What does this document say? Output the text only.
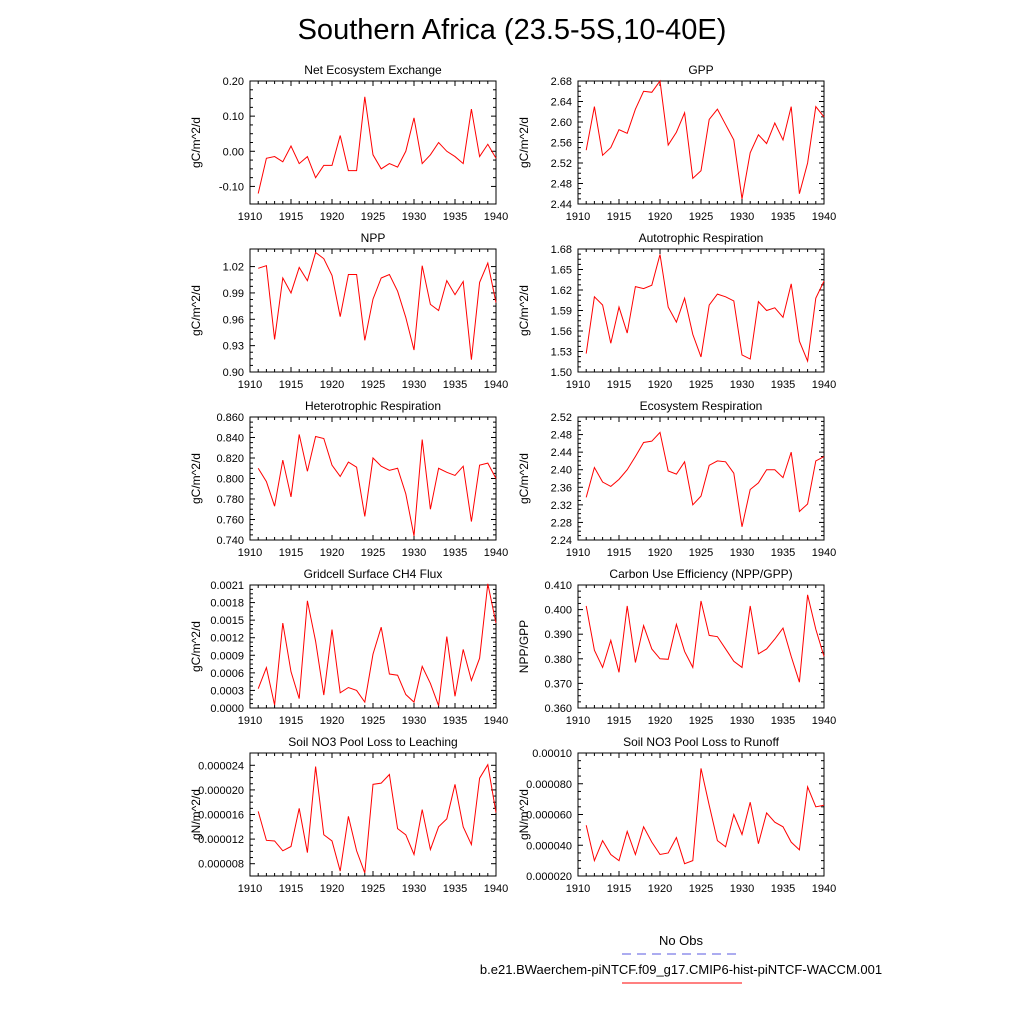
Southern Africa (23.5-5S,10-40E)
Net Ecosystem Exchange
gC/m^2/d
1910 1915 1920 1925 1930 1935 1940
-0.10
0.00
0.10
0.20
GPP
gC/m^2/d
1910 1915 1920 1925 1930 1935 1940
2.44
2.48
2.52
2.56
2.60
2.64
2.68
NPP
gC/m^2/d
1910 1915 1920 1925 1930 1935 1940
0.90
0.93
0.96
0.99
1.02
Autotrophic Respiration
gC/m^2/d
1910 1915 1920 1925 1930 1935 1940
1.50
1.53
1.56
1.59
1.62
1.65
1.68
Heterotrophic Respiration
gC/m^2/d
1910 1915 1920 1925 1930 1935 1940
0.740
0.760
0.780
0.800
0.820
0.840
0.860
Ecosystem Respiration
gC/m^2/d
1910 1915 1920 1925 1930 1935 1940
2.24
2.28
2.32
2.36
2.40
2.44
2.48
2.52
Gridcell Surface CH4 Flux
gC/m^2/d
1910 1915 1920 1925 1930 1935 1940
0.0000
0.0003
0.0006
0.0009
0.0012
0.0015
0.0018
0.0021
Carbon Use Efficiency (NPP/GPP)
NPP/GPP
1910 1915 1920 1925 1930 1935 1940
0.360
0.370
0.380
0.390
0.400
0.410
Soil NO3 Pool Loss to Leaching
gN/m^2/d
1910 1915 1920 1925 1930 1935 1940
0.000008
0.000012
0.000016
0.000020
0.000024
Soil NO3 Pool Loss to Runoff
gN/m^2/d
1910 1915 1920 1925 1930 1935 1940
0.000020
0.000040
0.000060
0.000080
0.00010
No Obs
b.e21.BWaerchem-piNTCF.f09_g17.CMIP6-hist-piNTCF-WACCM.001
